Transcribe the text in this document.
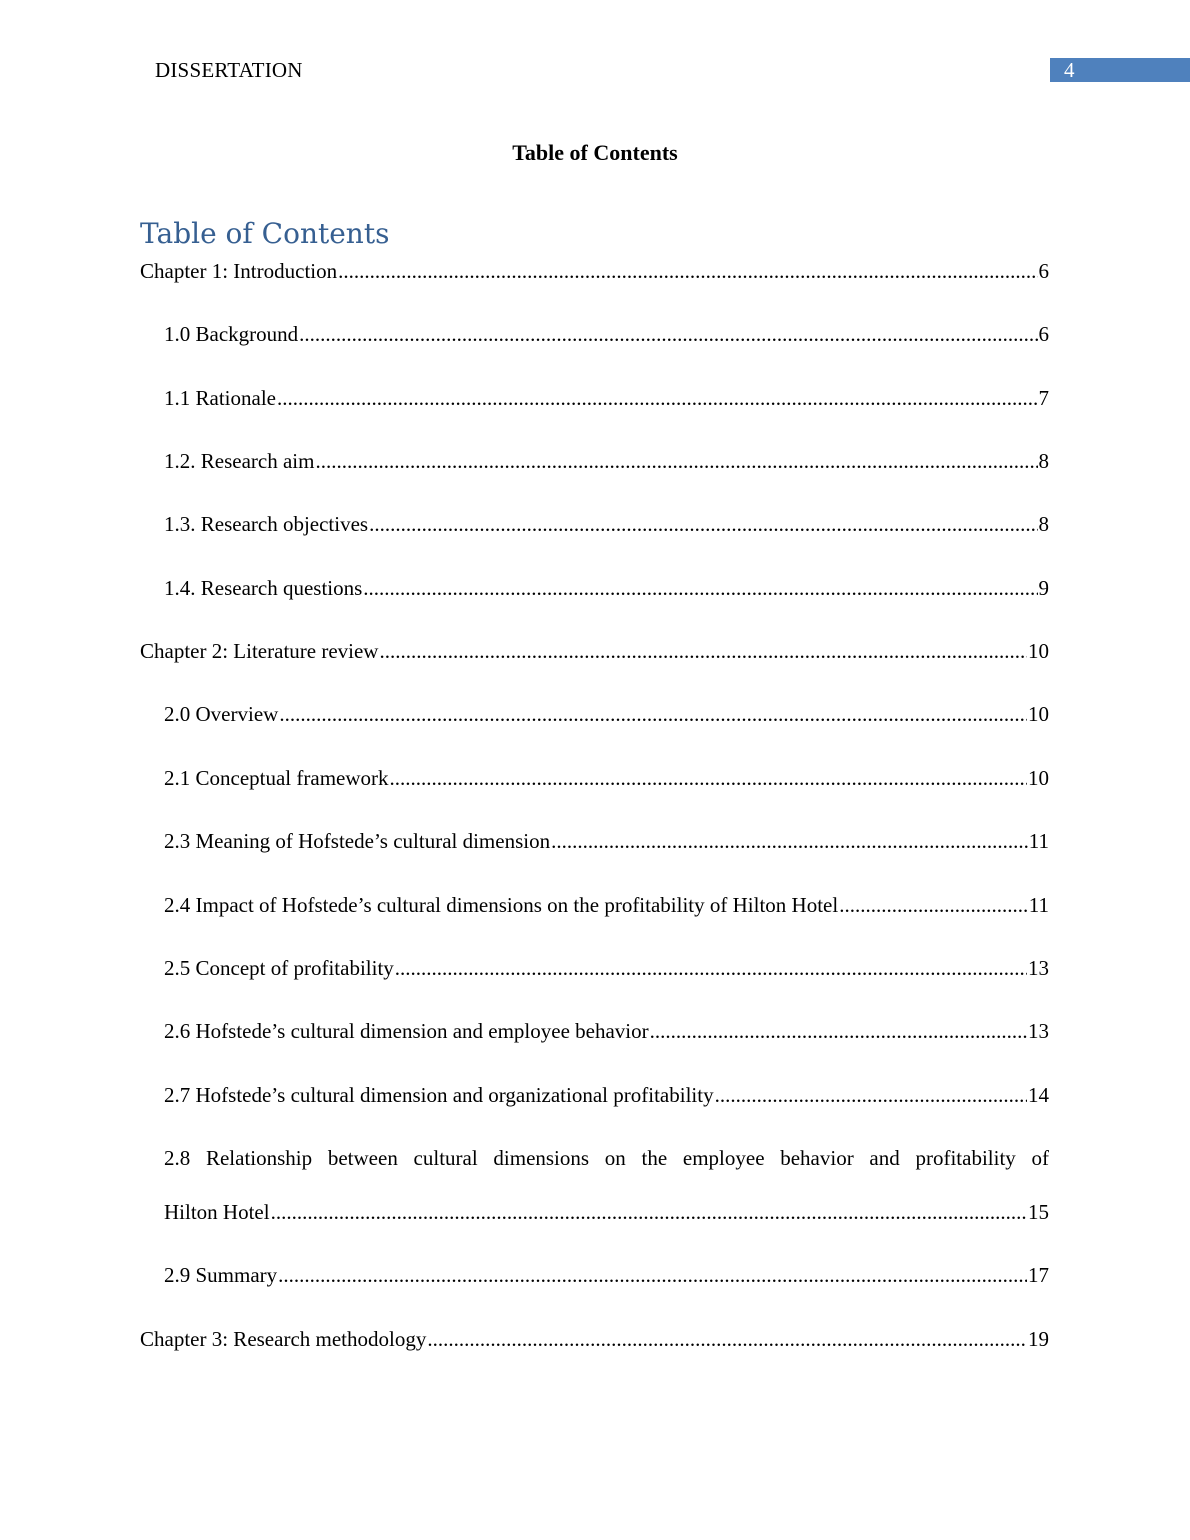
DISSERTATION	4
Table of Contents
Table of Contents
Chapter 1: Introduction .....	6
1.0 Background .....	6
1.1 Rationale .....	7
1.2. Research aim .....	8
1.3. Research objectives .....	8
1.4. Research questions .....	9
Chapter 2: Literature review .....	10
2.0 Overview .....	10
2.1 Conceptual framework .....	10
2.3 Meaning of Hofstede’s cultural dimension .....	11
2.4 Impact of Hofstede’s cultural dimensions on the profitability of Hilton Hotel .....	11
2.5 Concept of profitability .....	13
2.6 Hofstede’s cultural dimension and employee behavior .....	13
2.7 Hofstede’s cultural dimension and organizational profitability .....	14
2.8 Relationship between cultural dimensions on the employee behavior and profitability of
Hilton Hotel .....	15
2.9 Summary .....	17
Chapter 3: Research methodology .....	19
